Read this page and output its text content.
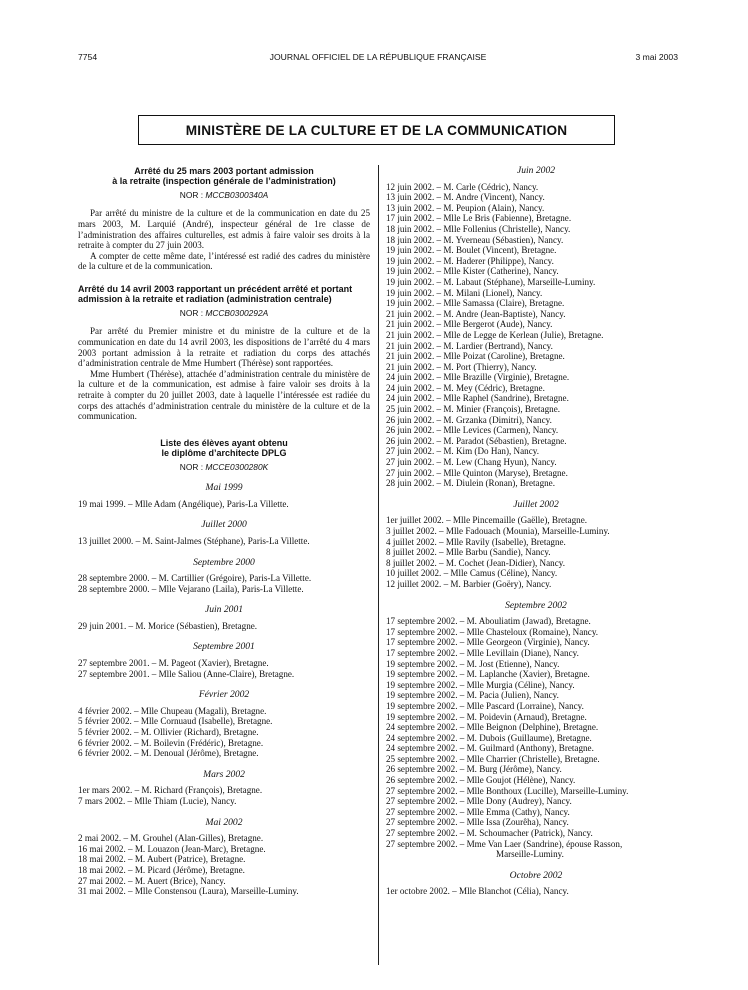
7754	JOURNAL OFFICIEL DE LA RÉPUBLIQUE FRANÇAISE	3 mai 2003
MINISTÈRE DE LA CULTURE ET DE LA COMMUNICATION
Arrêté du 25 mars 2003 portant admission
à la retraite (inspection générale de l’administration)
NOR : MCCB0300340A

Par arrêté du ministre de la culture et de la communication en date du 25 mars 2003, M. Larquié (André), inspecteur général de 1re classe de l’administration des affaires culturelles, est admis à faire valoir ses droits à la retraite à compter du 27 juin 2003.

A compter de cette même date, l’intéressé est radié des cadres du ministère de la culture et de la communication.

Arrêté du 14 avril 2003 rapportant un précédent arrêté et portant admission à la retraite et radiation (administration centrale)
NOR : MCCB0300292A

Par arrêté du Premier ministre et du ministre de la culture et de la communication en date du 14 avril 2003, les dispositions de l’arrêté du 4 mars 2003 portant admission à la retraite et radiation du corps des attachés d’administration centrale de Mme Humbert (Thérèse) sont rapportées.

Mme Humbert (Thérèse), attachée d’administration centrale du ministère de la culture et de la communication, est admise à faire valoir ses droits à la retraite à compter du 20 juillet 2003, date à laquelle l’intéressée est radiée du corps des attachés d’administration centrale du ministère de la culture et de la communication.

Liste des élèves ayant obtenu
le diplôme d’architecte DPLG
NOR : MCCE0300280K
Mai 1999
19 mai 1999. – Mlle Adam (Angélique), Paris-La Villette.
Juillet 2000
13 juillet 2000. – M. Saint-Jalmes (Stéphane), Paris-La Villette.
Septembre 2000
28 septembre 2000. – M. Cartillier (Grégoire), Paris-La Villette.
28 septembre 2000. – Mlle Vejarano (Laila), Paris-La Villette.
Juin 2001
29 juin 2001. – M. Morice (Sébastien), Bretagne.
Septembre 2001
27 septembre 2001. – M. Pageot (Xavier), Bretagne.
27 septembre 2001. – Mlle Saliou (Anne-Claire), Bretagne.
Février 2002
4 février 2002. – Mlle Chupeau (Magali), Bretagne.
5 février 2002. – Mlle Cornuaud (Isabelle), Bretagne.
5 février 2002. – M. Ollivier (Richard), Bretagne.
6 février 2002. – M. Boilevin (Frédéric), Bretagne.
6 février 2002. – M. Denoual (Jérôme), Bretagne.
Mars 2002
1er mars 2002. – M. Richard (François), Bretagne.
7 mars 2002. – Mlle Thiam (Lucie), Nancy.
Mai 2002
2 mai 2002. – M. Grouhel (Alan-Gilles), Bretagne.
16 mai 2002. – M. Louazon (Jean-Marc), Bretagne.
18 mai 2002. – M. Aubert (Patrice), Bretagne.
18 mai 2002. – M. Picard (Jérôme), Bretagne.
27 mai 2002. – M. Auert (Brice), Nancy.
31 mai 2002. – Mlle Constensou (Laura), Marseille-Luminy.
Juin 2002
12 juin 2002. – M. Carle (Cédric), Nancy.
13 juin 2002. – M. Andre (Vincent), Nancy.
13 juin 2002. – M. Peupion (Alain), Nancy.
17 juin 2002. – Mlle Le Bris (Fabienne), Bretagne.
18 juin 2002. – Mlle Follenius (Christelle), Nancy.
18 juin 2002. – M. Yverneau (Sébastien), Nancy.
19 juin 2002. – M. Boulet (Vincent), Bretagne.
19 juin 2002. – M. Haderer (Philippe), Nancy.
19 juin 2002. – Mlle Kister (Catherine), Nancy.
19 juin 2002. – M. Labaut (Stéphane), Marseille-Luminy.
19 juin 2002. – M. Milani (Lionel), Nancy.
19 juin 2002. – Mlle Samassa (Claire), Bretagne.
21 juin 2002. – M. Andre (Jean-Baptiste), Nancy.
21 juin 2002. – Mlle Bergerot (Aude), Nancy.
21 juin 2002. – Mlle de Legge de Kerlean (Julie), Bretagne.
21 juin 2002. – M. Lardier (Bertrand), Nancy.
21 juin 2002. – Mlle Poizat (Caroline), Bretagne.
21 juin 2002. – M. Port (Thierry), Nancy.
24 juin 2002. – Mlle Brazille (Virginie), Bretagne.
24 juin 2002. – M. Mey (Cédric), Bretagne.
24 juin 2002. – Mlle Raphel (Sandrine), Bretagne.
25 juin 2002. – M. Minier (François), Bretagne.
26 juin 2002. – M. Grzanka (Dimitri), Nancy.
26 juin 2002. – Mlle Levices (Carmen), Nancy.
26 juin 2002. – M. Paradot (Sébastien), Bretagne.
27 juin 2002. – M. Kim (Do Han), Nancy.
27 juin 2002. – M. Lew (Chang Hyun), Nancy.
27 juin 2002. – Mlle Quinton (Maryse), Bretagne.
28 juin 2002. – M. Diulein (Ronan), Bretagne.
Juillet 2002
1er juillet 2002. – Mlle Pincemaille (Gaëlle), Bretagne.
3 juillet 2002. – Mlle Fadouach (Mounia), Marseille-Luminy.
4 juillet 2002. – Mlle Ravily (Isabelle), Bretagne.
8 juillet 2002. – Mlle Barbu (Sandie), Nancy.
8 juillet 2002. – M. Cochet (Jean-Didier), Nancy.
10 juillet 2002. – Mlle Camus (Céline), Nancy.
12 juillet 2002. – M. Barbier (Goëry), Nancy.
Septembre 2002
17 septembre 2002. – M. Abouliatim (Jawad), Bretagne.
17 septembre 2002. – Mlle Chasteloux (Romaine), Nancy.
17 septembre 2002. – Mlle Georgeon (Virginie), Nancy.
17 septembre 2002. – Mlle Levillain (Diane), Nancy.
19 septembre 2002. – M. Jost (Etienne), Nancy.
19 septembre 2002. – M. Laplanche (Xavier), Bretagne.
19 septembre 2002. – Mlle Murgia (Céline), Nancy.
19 septembre 2002. – M. Pacia (Julien), Nancy.
19 septembre 2002. – Mlle Pascard (Lorraine), Nancy.
19 septembre 2002. – M. Poidevin (Arnaud), Bretagne.
24 septembre 2002. – Mlle Beignon (Delphine), Bretagne.
24 septembre 2002. – M. Dubois (Guillaume), Bretagne.
24 septembre 2002. – M. Guilmard (Anthony), Bretagne.
25 septembre 2002. – Mlle Charrier (Christelle), Bretagne.
26 septembre 2002. – M. Burg (Jérôme), Nancy.
26 septembre 2002. – Mlle Goujot (Hélène), Nancy.
27 septembre 2002. – Mlle Bonthoux (Lucille), Marseille-Luminy.
27 septembre 2002. – Mlle Dony (Audrey), Nancy.
27 septembre 2002. – Mlle Emma (Cathy), Nancy.
27 septembre 2002. – Mlle Issa (Zourêha), Nancy.
27 septembre 2002. – M. Schoumacher (Patrick), Nancy.
27 septembre 2002. – Mme Van Laer (Sandrine), épouse Rasson,
Marseille-Luminy.
Octobre 2002
1er octobre 2002. – Mlle Blanchot (Célia), Nancy.
